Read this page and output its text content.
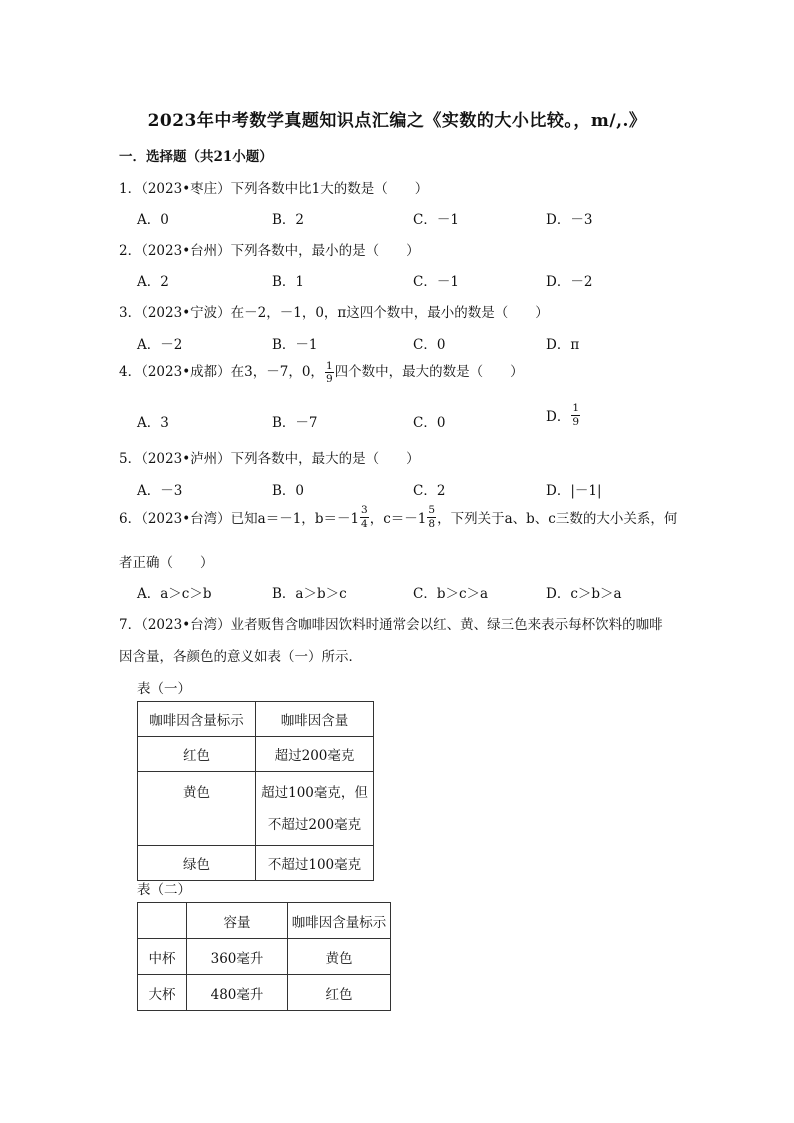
2023年中考数学真题知识点汇编之《实数的大小比较。，m/,.》
一．选择题（共21小题）
1．（2023•枣庄）下列各数中比1大的数是（　　）
A．0	B．2	C．－1	D．－3
2．（2023•台州）下列各数中，最小的是（　　）
A．2	B．1	C．－1	D．－2
3．（2023•宁波）在－2，－1，0，π这四个数中，最小的数是（　　）
A．－2	B．－1	C．0	D．π
4．（2023•成都）在3，－7，0， $\frac{1}{9}$ 四个数中，最大的数是（　　）
A．3	B．－7	C．0	D． $\frac{1}{9}$
5．（2023•泸州）下列各数中，最大的是（　　）
A．－3	B．0	C．2	D．|－1|
6．（2023•台湾）已知a＝－1， $b=-1 \frac{3}{4}$ ，$c=-1 \frac{5}{8}$ ，下列关于a、b、c三数的大小关系，何
者正确（　　）
A．a＞c＞b	B．a＞b＞c	C．b＞c＞a	D．c＞b＞a
7．（2023•台湾）业者贩售含咖啡因饮料时通常会以红、黄、绿三色来表示每杯饮料的咖啡
因含量，各颜色的意义如表（一）所示．
表（一）
咖啡因含量标示	咖啡因含量
红色	超过200毫克
黄色	超过100毫克，但
不超过200毫克

绿色	不超过100毫克
表（二）
	容量	咖啡因含量标示
中杯	360毫升	黄色
大杯	480毫升	红色
